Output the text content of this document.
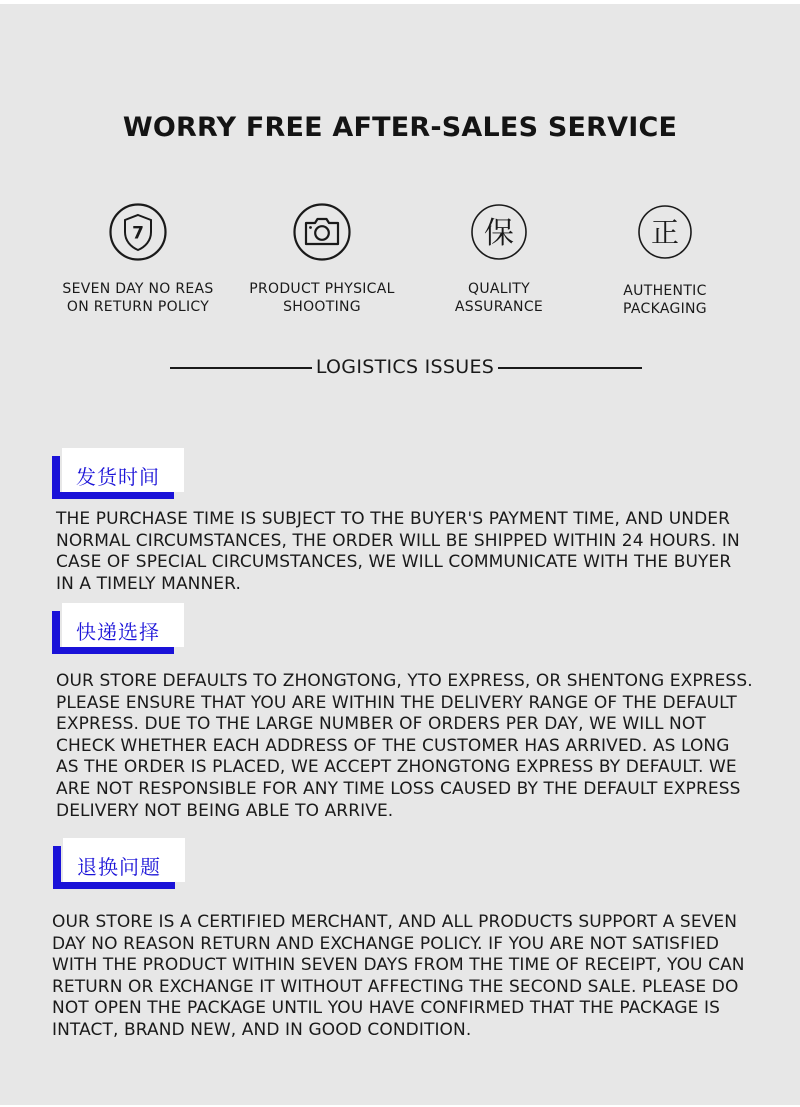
WORRY FREE AFTER-SALES SERVICE
7
SEVEN DAY NO REAS
ON RETURN POLICY
PRODUCT PHYSICAL
SHOOTING
保
QUALITY
ASSURANCE
正
AUTHENTIC
PACKAGING
LOGISTICS ISSUES
发货时间
THE PURCHASE TIME IS SUBJECT TO THE BUYER'S PAYMENT TIME, AND UNDER NORMAL CIRCUMSTANCES, THE ORDER WILL BE SHIPPED WITHIN 24 HOURS. IN CASE OF SPECIAL CIRCUMSTANCES, WE WILL COMMUNICATE WITH THE BUYER IN A TIMELY MANNER.
快递选择
OUR STORE DEFAULTS TO ZHONGTONG, YTO EXPRESS, OR SHENTONG EXPRESS. PLEASE ENSURE THAT YOU ARE WITHIN THE DELIVERY RANGE OF THE DEFAULT EXPRESS. DUE TO THE LARGE NUMBER OF ORDERS PER DAY, WE WILL NOT CHECK WHETHER EACH ADDRESS OF THE CUSTOMER HAS ARRIVED. AS LONG AS THE ORDER IS PLACED, WE ACCEPT ZHONGTONG EXPRESS BY DEFAULT. WE ARE NOT RESPONSIBLE FOR ANY TIME LOSS CAUSED BY THE DEFAULT EXPRESS DELIVERY NOT BEING ABLE TO ARRIVE.
退换问题
OUR STORE IS A CERTIFIED MERCHANT, AND ALL PRODUCTS SUPPORT A SEVEN DAY NO REASON RETURN AND EXCHANGE POLICY. IF YOU ARE NOT SATISFIED WITH THE PRODUCT WITHIN SEVEN DAYS FROM THE TIME OF RECEIPT, YOU CAN RETURN OR EXCHANGE IT WITHOUT AFFECTING THE SECOND SALE. PLEASE DO NOT OPEN THE PACKAGE UNTIL YOU HAVE CONFIRMED THAT THE PACKAGE IS INTACT, BRAND NEW, AND IN GOOD CONDITION.
